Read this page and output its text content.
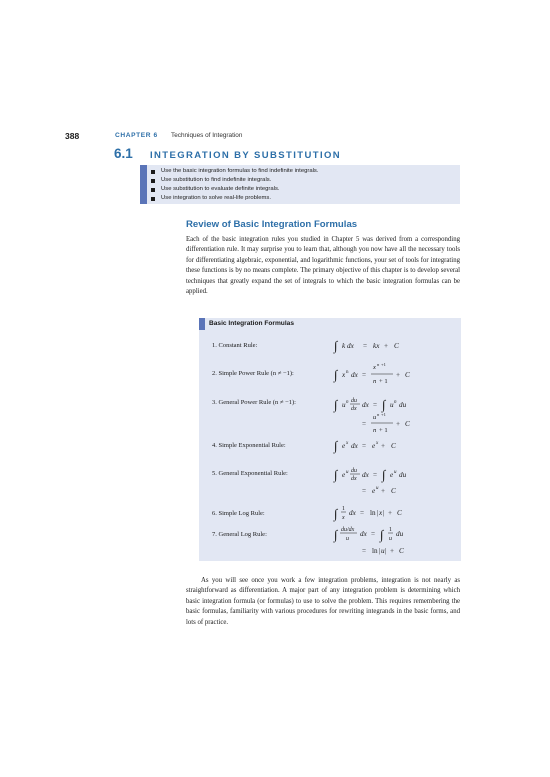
388	CHAPTER 6 Techniques of Integration
6.1 INTEGRATION BY SUBSTITUTION
Use the basic integration formulas to find indefinite integrals.
Use substitution to find indefinite integrals.
Use substitution to evaluate definite integrals.
Use integration to solve real-life problems.
Review of Basic Integration Formulas
Each of the basic integration rules you studied in Chapter 5 was derived from a corresponding differentiation rule. It may surprise you to learn that, although you now have all the necessary tools for differentiating algebraic, exponential, and logarithmic functions, your set of tools for integrating these functions is by no means complete. The primary objective of this chapter is to develop several techniques that greatly expand the set of integrals to which the basic integration formulas can be applied.
Basic Integration Formulas
1. Constant Rule:
2. Simple Power Rule (n ≠ −1):
3. General Power Rule (n ≠ −1):
4. Simple Exponential Rule:
5. General Exponential Rule:
6. Simple Log Rule:
7. General Log Rule:
∫ k dx = kx + C
∫ x n dx =
x n +1
n + 1
+ C
∫ u n du
dx dx = ∫ u n du
=
u n +1
n + 1
+ C
∫ e x dx = e x + C
∫ e u du
dx dx = ∫ e u du
= e u + C
∫ 1
x
dx = ln | x | + C
∫ du/dx
u
dx = ∫ 1
u
du
= ln | u | + C
As you will see once you work a few integration problems, integration is not nearly as straightforward as differentiation. A major part of any integration problem is determining which basic integration formula (or formulas) to use to solve the problem. This requires remembering the basic formulas, familiarity with various procedures for rewriting integrands in the basic forms, and lots of practice.
